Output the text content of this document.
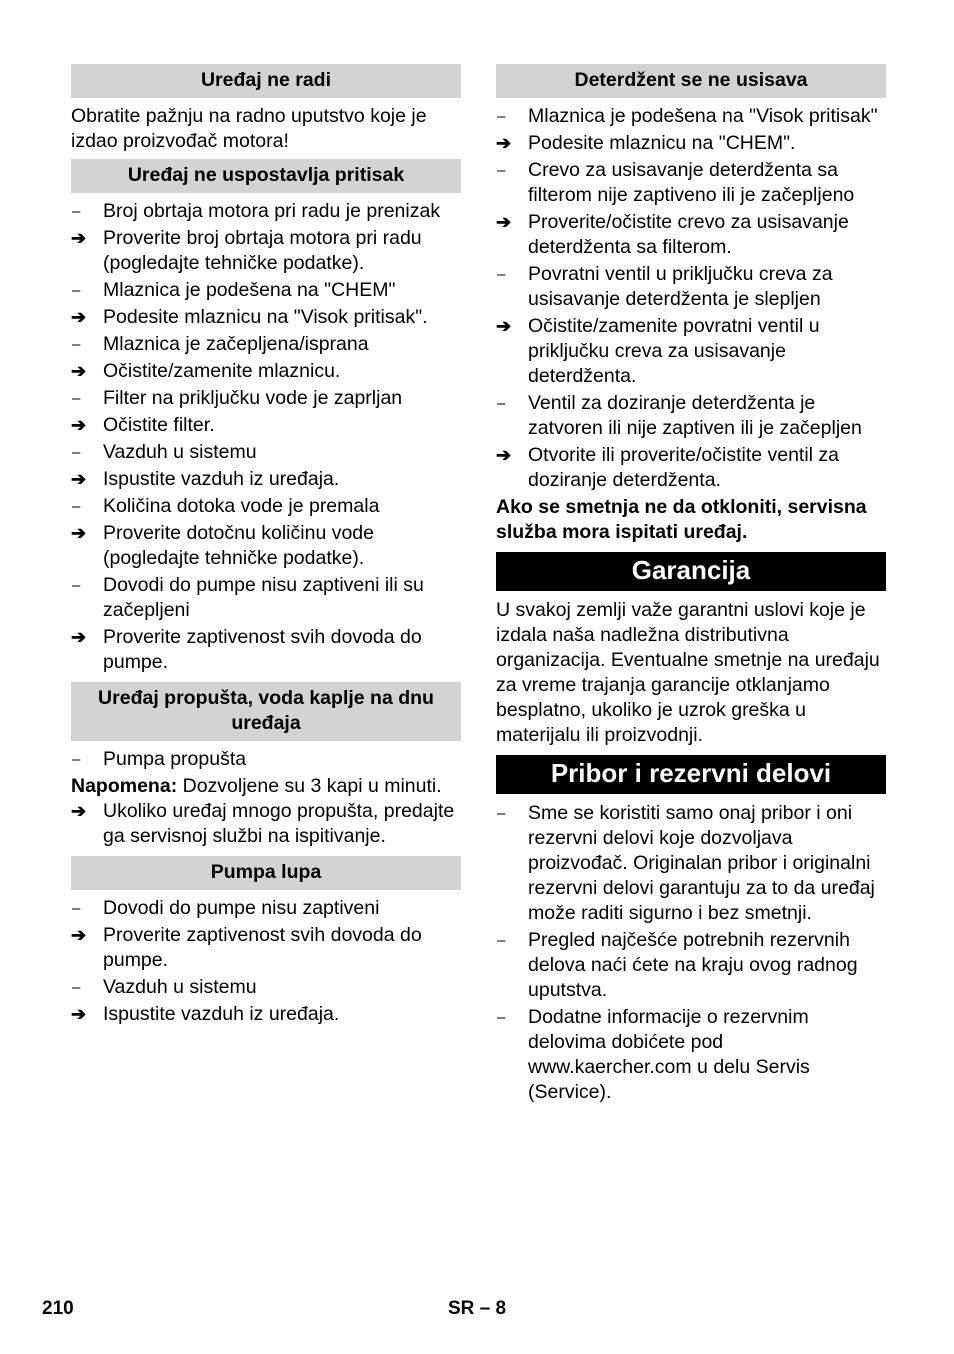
Uređaj ne radi
Obratite pažnju na radno uputstvo koje je izdao proizvođač motora!
Uređaj ne uspostavlja pritisak
–	Broj obrtaja motora pri radu je prenizak
➔ Proverite broj obrtaja motora pri radu (pogledajte tehničke podatke).
–	Mlaznica je podešena na "CHEM"
➔ Podesite mlaznicu na "Visok pritisak".
–	Mlaznica je začepljena/isprana
➔ Očistite/zamenite mlaznicu.
–	Filter na priključku vode je zaprljan
➔ Očistite filter.
–	Vazduh u sistemu
➔ Ispustite vazduh iz uređaja.
–	Količina dotoka vode je premala
➔ Proverite dotočnu količinu vode (pogledajte tehničke podatke).
–	Dovodi do pumpe nisu zaptiveni ili su začepljeni
➔ Proverite zaptivenost svih dovoda do pumpe.
Uređaj propušta, voda kaplje na dnu uređaja
–	Pumpa propušta
Napomena: Dozvoljene su 3 kapi u minuti.
➔ Ukoliko uređaj mnogo propušta, predajte ga servisnoj službi na ispitivanje.
Pumpa lupa
–	Dovodi do pumpe nisu zaptiveni
➔ Proverite zaptivenost svih dovoda do pumpe.
–	Vazduh u sistemu
➔ Ispustite vazduh iz uređaja.
Deterdžent se ne usisava
–	Mlaznica je podešena na "Visok pritisak"
➔ Podesite mlaznicu na "CHEM".
–	Crevo za usisavanje deterdženta sa filterom nije zaptiveno ili je začepljeno
➔ Proverite/očistite crevo za usisavanje deterdženta sa filterom.
–	Povratni ventil u priključku creva za usisavanje deterdženta je slepljen
➔ Očistite/zamenite povratni ventil u priključku creva za usisavanje deterdženta.
–	Ventil za doziranje deterdženta je zatvoren ili nije zaptiven ili je začepljen
➔ Otvorite ili proverite/očistite ventil za doziranje deterdženta.
Ako se smetnja ne da otkloniti, servisna služba mora ispitati uređaj.
Garancija
U svakoj zemlji važe garantni uslovi koje je izdala naša nadležna distributivna organizacija. Eventualne smetnje na uređaju za vreme trajanja garancije otklanjamo besplatno, ukoliko je uzrok greška u materijalu ili proizvodnji.
Pribor i rezervni delovi
–	Sme se koristiti samo onaj pribor i oni rezervni delovi koje dozvoljava proizvođač. Originalan pribor i originalni rezervni delovi garantuju za to da uređaj može raditi sigurno i bez smetnji.
–	Pregled najčešće potrebnih rezervnih delova naći ćete na kraju ovog radnog uputstva.
–	Dodatne informacije o rezervnim delovima dobićete pod www.kaercher.com u delu Servis (Service).
210	SR – 8
